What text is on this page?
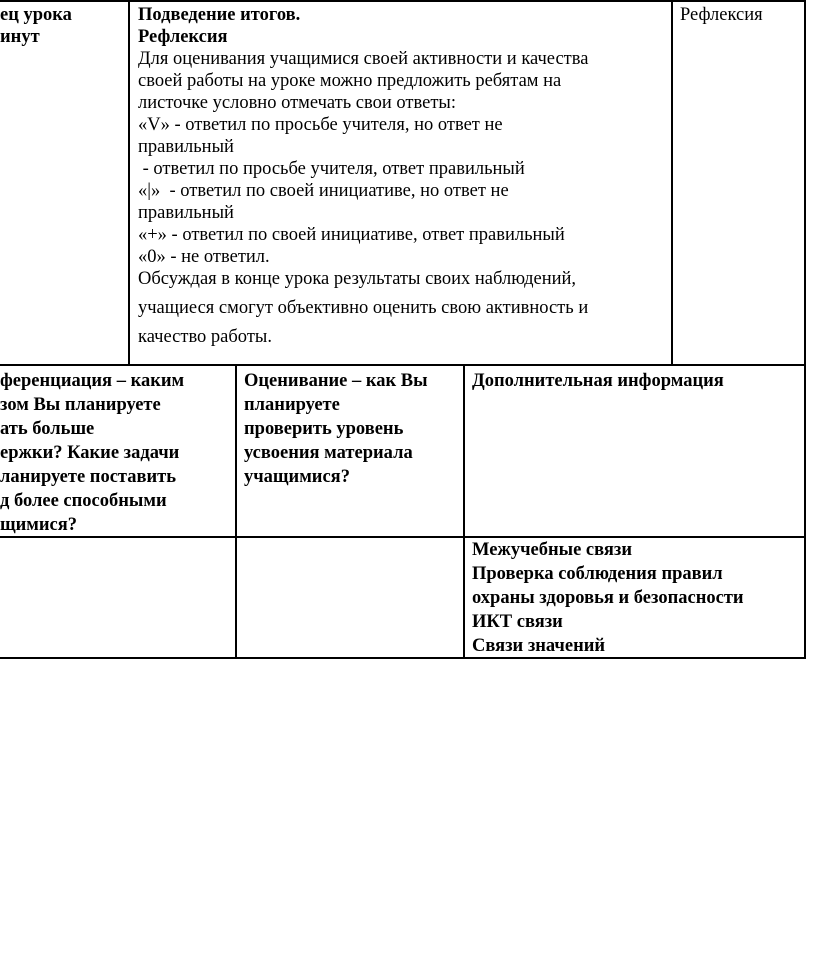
ец урока
инут
Подведение итогов.
Рефлексия
Для оценивания учащимися своей активности и качества
своей работы на уроке можно предложить ребятам на
листочке условно отмечать свои ответы:
«V» - ответил по просьбе учителя, но ответ не
правильный
- ответил по просьбе учителя, ответ правильный
«|»  - ответил по своей инициативе, но ответ не
правильный
«+» - ответил по своей инициативе, ответ правильный
«0» - не ответил.
Обсуждая в конце урока результаты своих наблюдений,
учащиеся смогут объективно оценить свою активность и
качество работы.
Рефлексия
ференциация – каким
зом Вы планируете
ать больше
ержки? Какие задачи
ланируете поставить
д более способными
щимися?
Оценивание – как Вы
планируете
проверить уровень
усвоения материала
учащимися?
Дополнительная информация
Межучебные связи
Проверка соблюдения правил
охраны здоровья и безопасности
ИКТ связи
Связи значений
